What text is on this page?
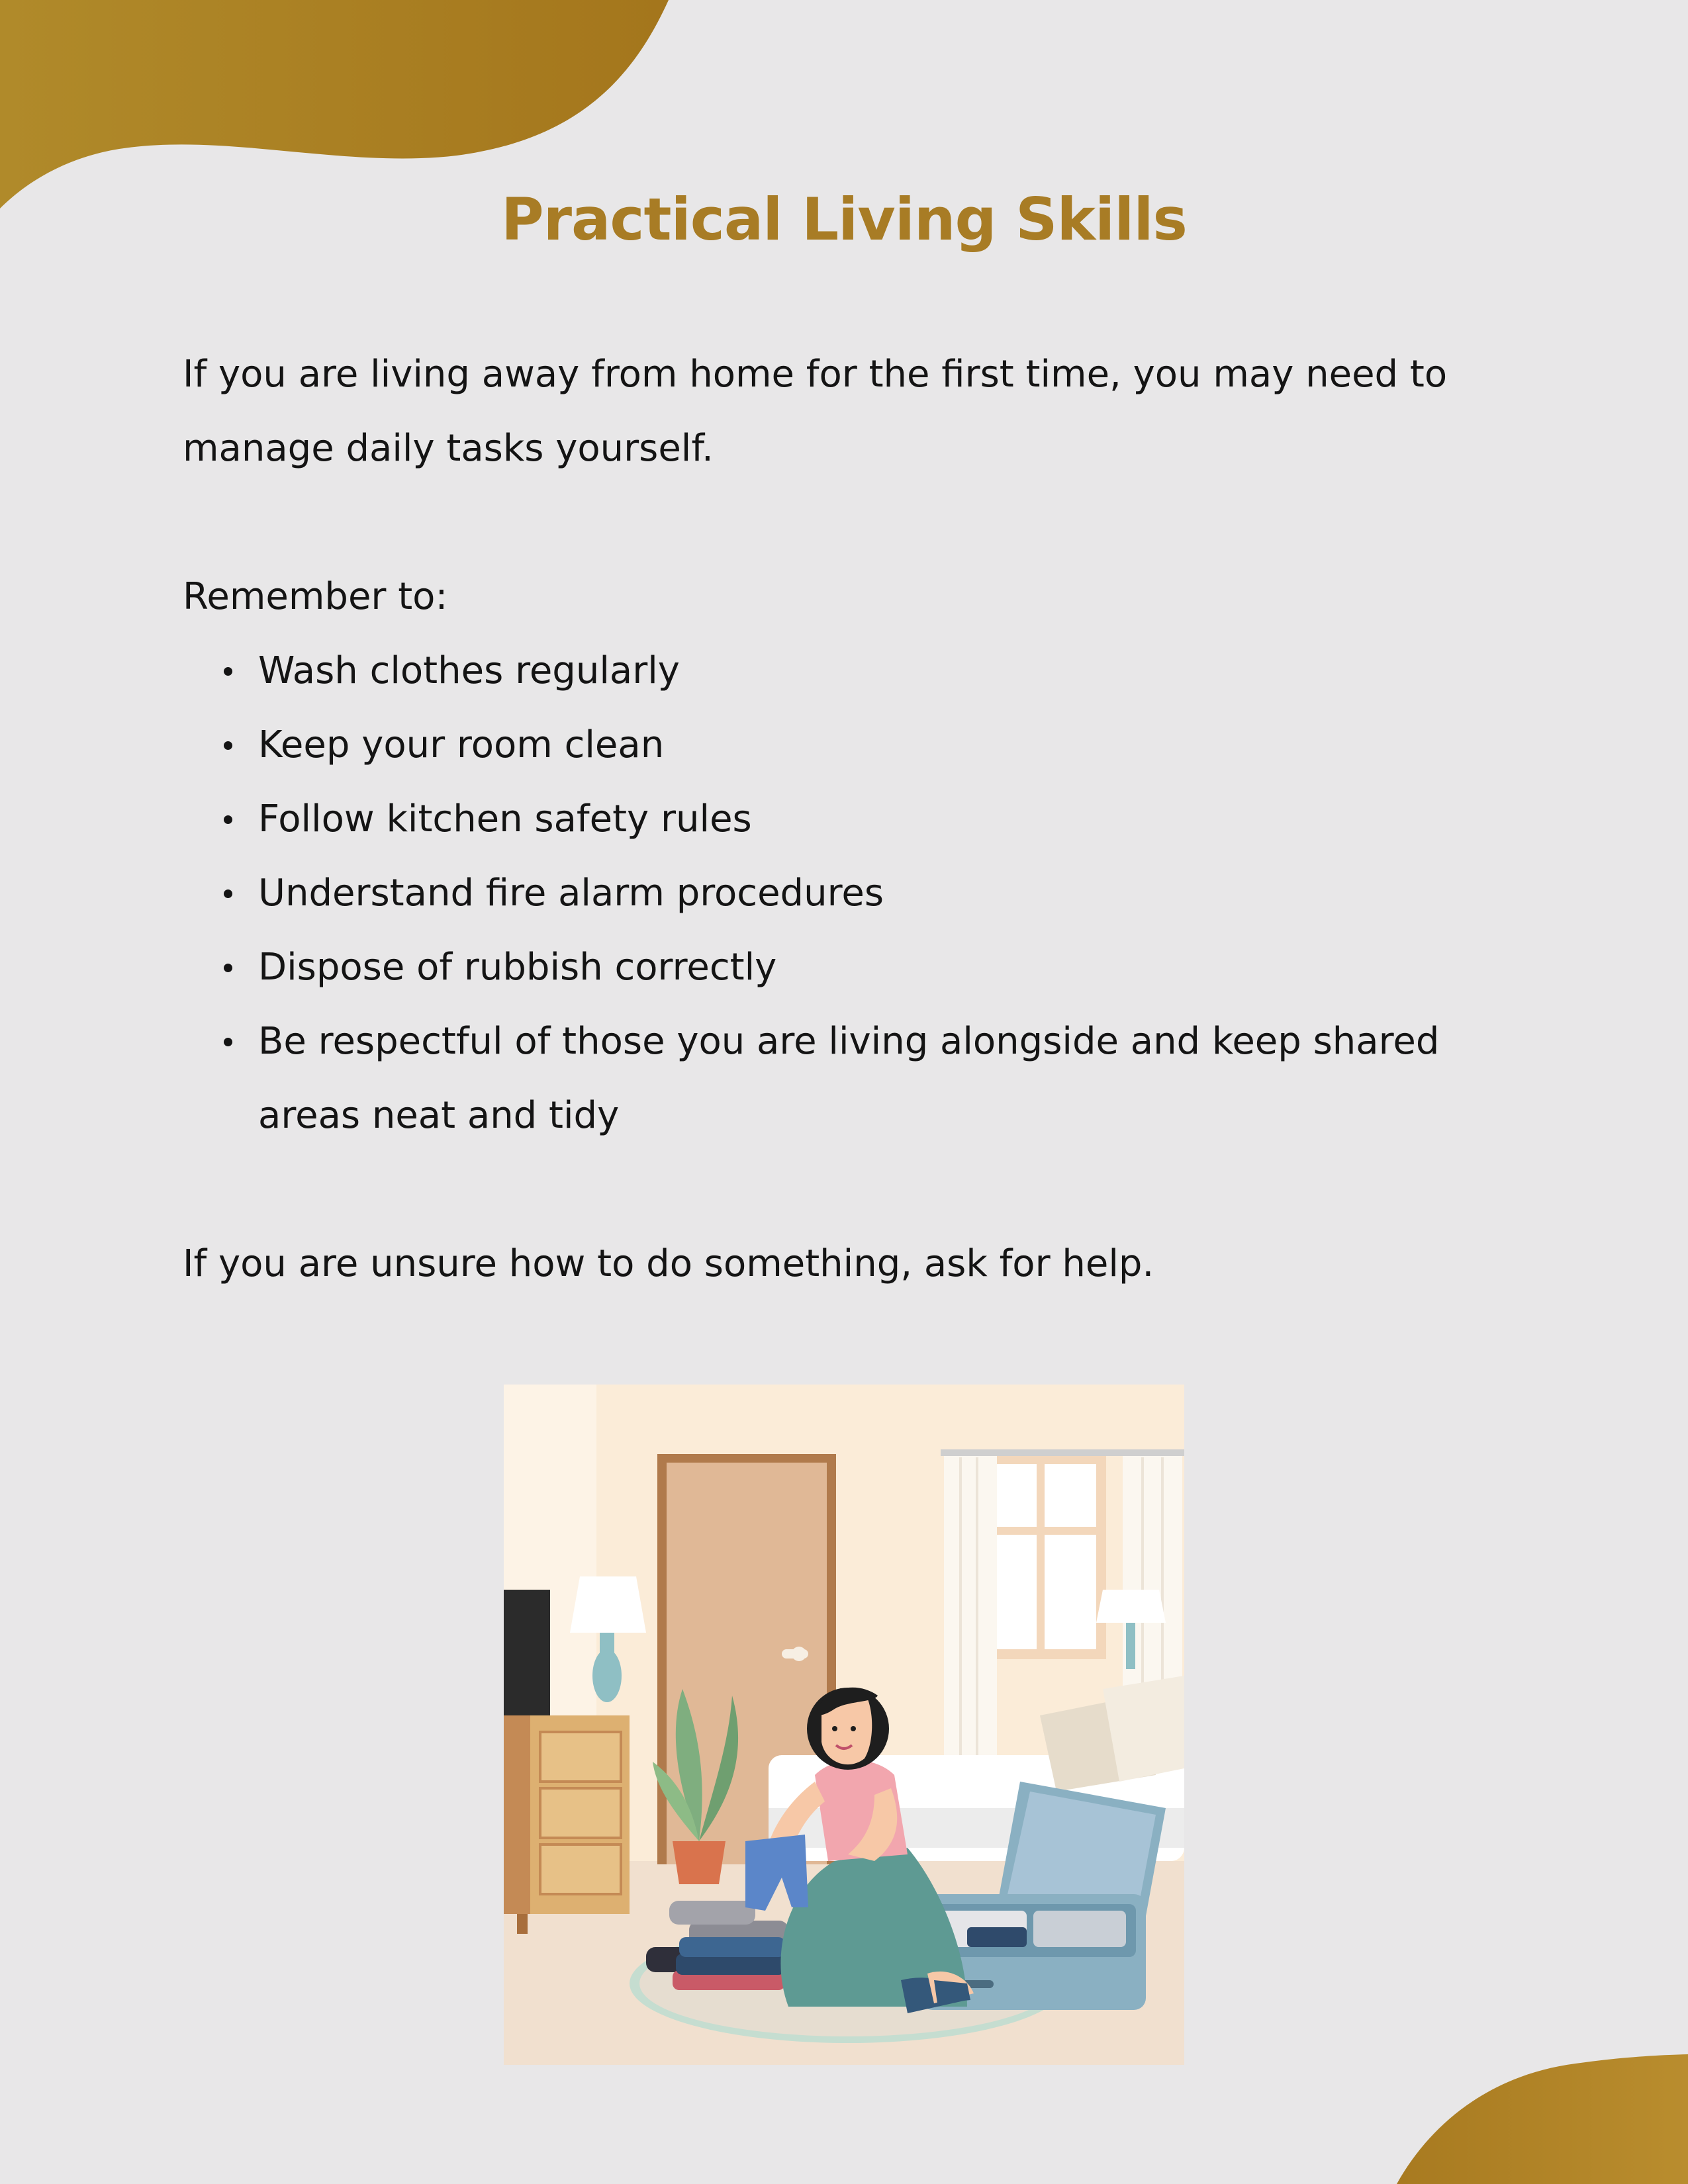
Practical Living Skills

If you are living away from home for the first time, you may need to manage daily tasks yourself.

Remember to:

Wash clothes regularly
Keep your room clean
Follow kitchen safety rules
Understand fire alarm procedures
Dispose of rubbish correctly
Be respectful of those you are living alongside and keep shared areas neat and tidy

If you are unsure how to do something, ask for help.
